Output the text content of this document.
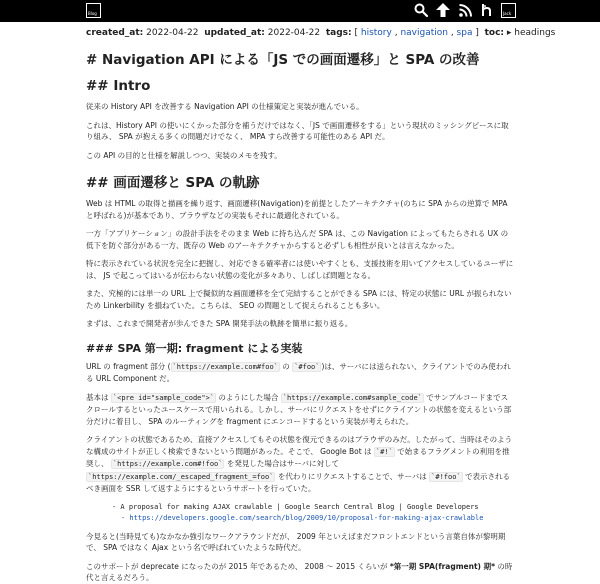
Blog	Jack
created_at: 2022-04-22 updated_at: 2022-04-22 tags: [ history , navigation , spa ] toc: ▸ headings
# Navigation API による「JS での画面遷移」と SPA の改善
## Intro

従来の History API を改善する Navigation API の仕様策定と実装が進んでいる。

これは、History API の使いにくかった部分を補うだけではなく、「JS で画面遷移をする」という現状のミッシングピースに取り組み、 SPA が抱える多くの問題だけでなく、 MPA すら改善する可能性のある API だ。

この API の目的と仕様を解説しつつ、実装のメモを残す。

## 画面遷移と SPA の軌跡

Web は HTML の取得と描画を繰り返す、画面遷移(Navigation)を前提としたアーキテクチャ(のちに SPA からの逆算で MPA と呼ばれる)が基本であり、ブラウザなどの実装もそれに最適化されている。

一方「アプリケーション」の設計手法をそのまま Web に持ち込んだ SPA は、この Navigation によってもたらされる UX の低下を防ぐ部分がある一方、既存の Web のアーキテクチャからすると必ずしも相性が良いとは言えなかった。

特に表示されている状況を完全に把握し、対応できる確率者には使いやすくとも、支援技術を用いてアクセスしているユーザには、 JS で起こってはいるが伝わらない状態の変化が多々あり、しばしば問題となる。

また、究極的には単一の URL 上で擬似的な画面遷移を全て完結することができる SPA には、特定の状態に URL が振られないため Linkerbility を損ねていた。こちらは、 SEO の問題として捉えられることも多い。

まずは、これまで開発者が歩んできた SPA 開発手法の軌跡を簡単に振り返る。

### SPA 第一期: fragment による実装

URL の fragment 部分 ( `https://example.com#foo` の `#foo` )は、サーバには送られない、クライアントでのみ使われる URL Component だ。

基本は `<pre id="sample_code">` のようにした場合 `https://example.com#sample_code` でサンプルコードまでスクロールするといったユースケースで用いられる。しかし、サーバにリクエストをせずにクライアントの状態を変えるという部分だけに着目し、 SPA のルーティングを fragment にエンコードするという実装が考えられた。

クライアントの状態であるため、直接アクセスしてもその状態を復元できるのはブラウザのみだ。したがって、当時はそのような構成のサイトが正しく検索できないという問題があった。そこで、 Google Bot は `#!` で始まるフラグメントの利用を推奨し、 `https://example.com#!foo` を発見した場合はサーバに対して `https://example.com/_escaped_fragment_=foo` を代わりにリクエストすることで、サーバは `#!foo` で表示されるべき画面を SSR して返すようにするというサポートを行っていた。

- A proposal for making AJAX crawlable | Google Search Central Blog | Google Developers
- https://developers.google.com/search/blog/2009/10/proposal-for-making-ajax-crawlable

今見ると(当時見ても)なかなか強引なワークアラウンドだが、 2009 年といえばまだフロントエンドという言葉自体が黎明期で、 SPA ではなく Ajax という名で呼ばれていたような時代だ。

このサポートが deprecate になったのが 2015 年であるため、 2008 〜 2015 くらいが *第一期 SPA(fragment) 期* の時代と言えるだろう。
